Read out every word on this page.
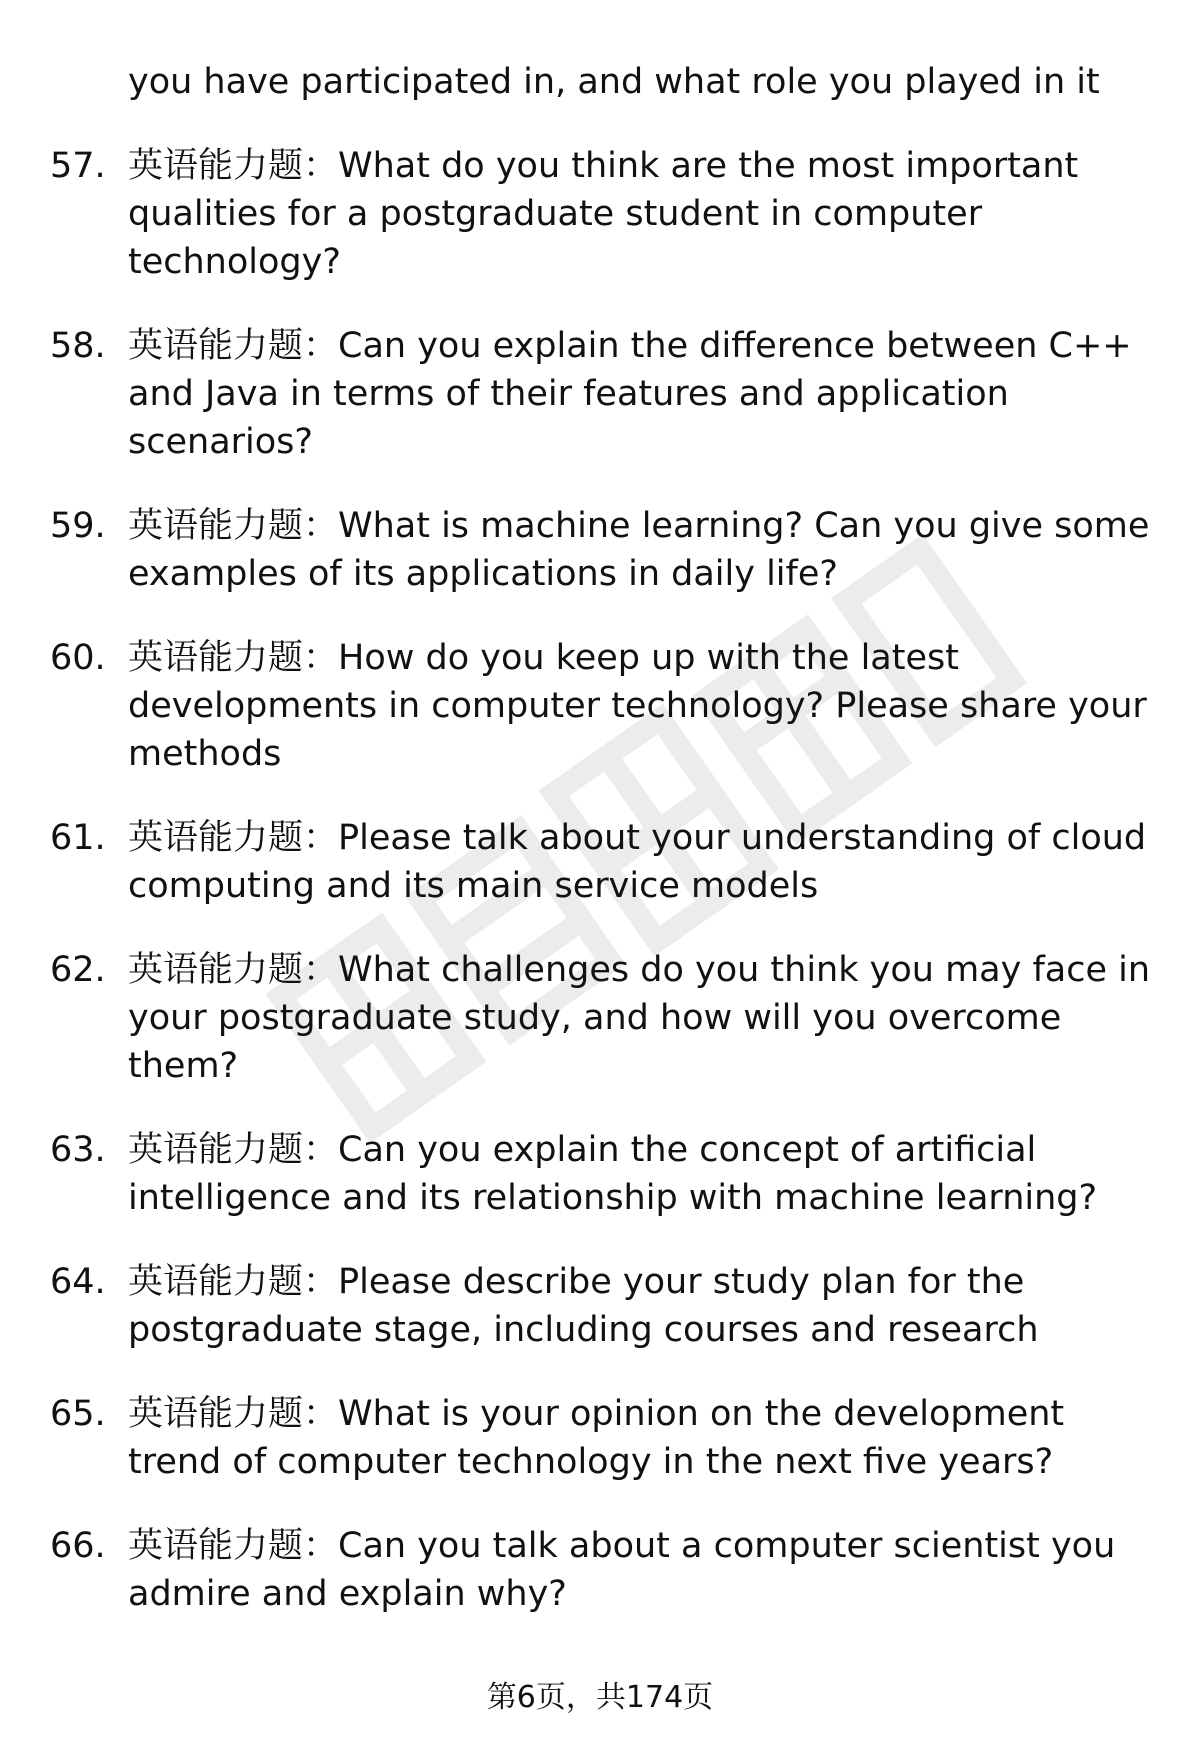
you have participated in, and what role you played in it
57. 英语能力题：What do you think are the most important qualities for a postgraduate student in computer technology?
58. 英语能力题：Can you explain the difference between C++ and Java in terms of their features and application scenarios?
59. 英语能力题：What is machine learning? Can you give some examples of its applications in daily life?
60. 英语能力题：How do you keep up with the latest developments in computer technology? Please share your methods
61. 英语能力题：Please talk about your understanding of cloud computing and its main service models
62. 英语能力题：What challenges do you think you may face in your postgraduate study, and how will you overcome them?
63. 英语能力题：Can you explain the concept of artificial intelligence and its relationship with machine learning?
64. 英语能力题：Please describe your study plan for the postgraduate stage, including courses and research
65. 英语能力题：What is your opinion on the development trend of computer technology in the next five years?
66. 英语能力题：Can you talk about a computer scientist you admire and explain why?
第6页，共174页
